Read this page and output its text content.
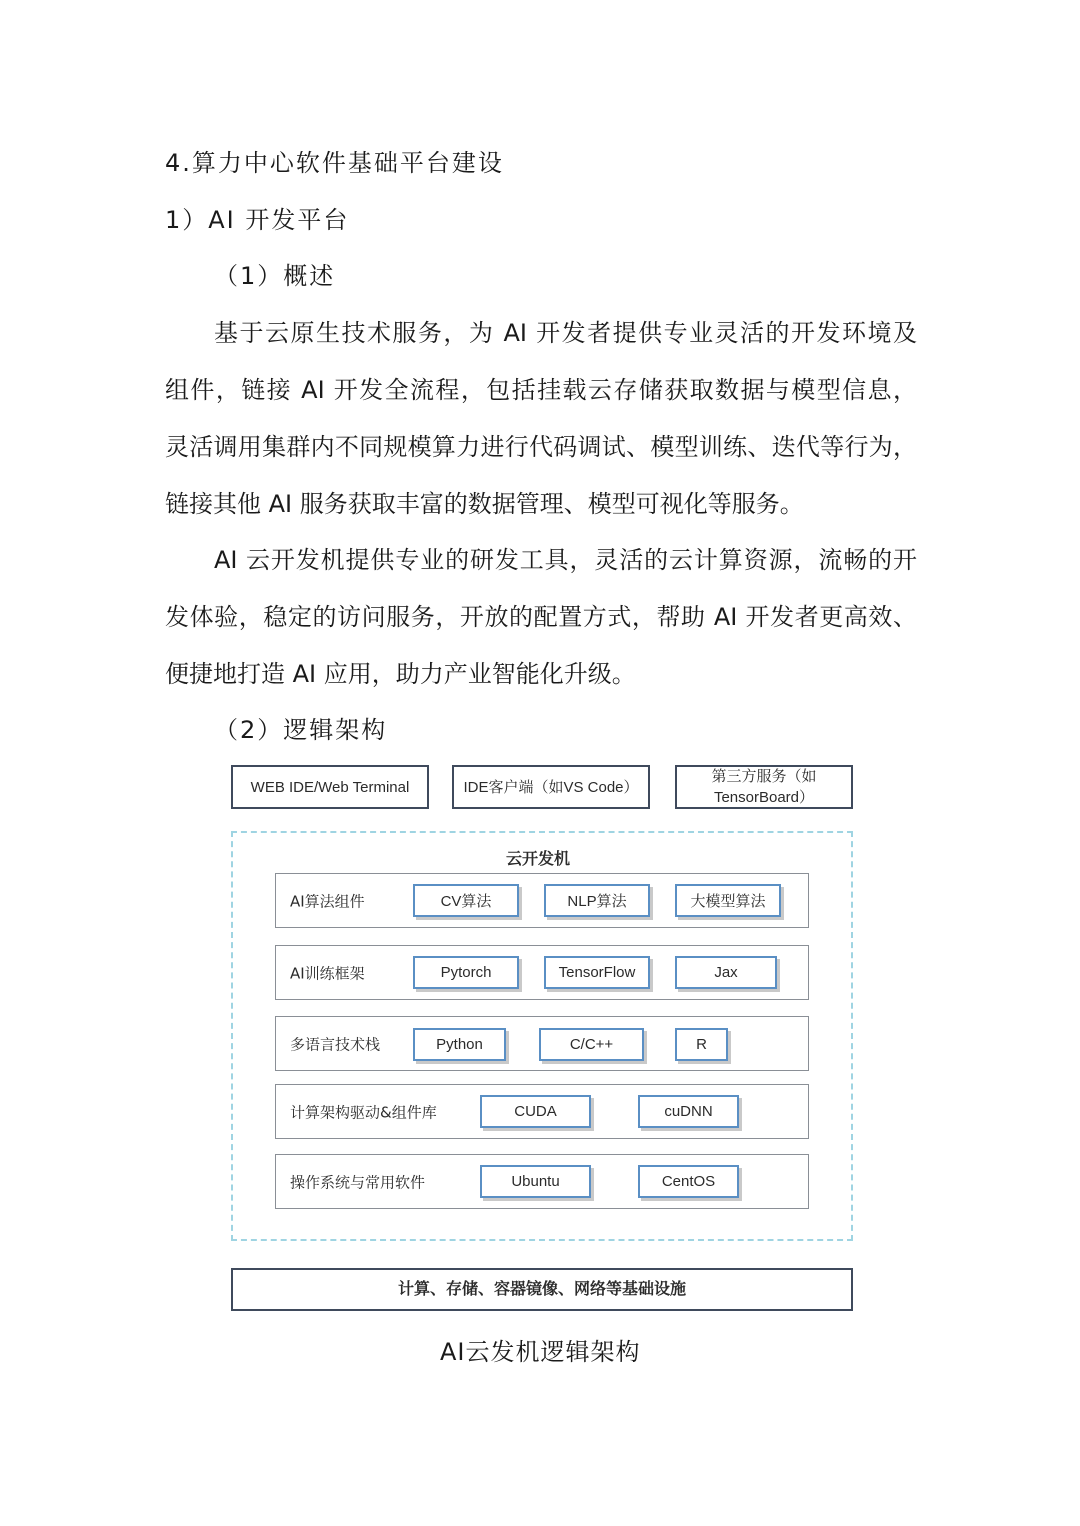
4.算力中心软件基础平台建设
1）AI 开发平台
（1）概述
基于云原生技术服务，为 AI 开发者提供专业灵活的开发环境及
组件，链接 AI 开发全流程，包括挂载云存储获取数据与模型信息，
灵活调用集群内不同规模算力进行代码调试、模型训练、迭代等行为，
链接其他 AI 服务获取丰富的数据管理、模型可视化等服务。
AI 云开发机提供专业的研发工具，灵活的云计算资源，流畅的开
发体验，稳定的访问服务，开放的配置方式，帮助 AI 开发者更高效、
便捷地打造 AI 应用，助力产业智能化升级。
（2）逻辑架构
WEB IDE/Web Terminal	IDE客户端（如VS Code）
第三方服务（如TensorBoard）
云开发机
AI算法组件	CV算法	NLP算法	大模型算法
AI训练框架	Pytorch	TensorFlow	Jax
多语言技术栈	Python	C/C++	R
计算架构驱动&组件库	CUDA	cuDNN
操作系统与常用软件	Ubuntu	CentOS
计算、存储、容器镜像、网络等基础设施
AI云发机逻辑架构
